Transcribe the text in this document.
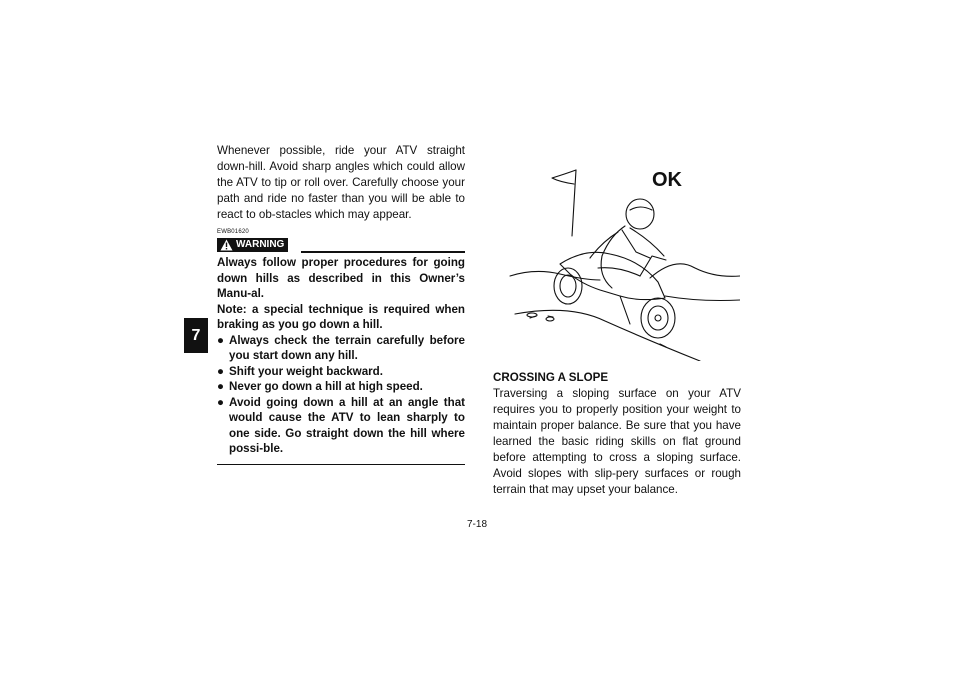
7

Whenever possible, ride your ATV straight down-hill. Avoid sharp angles which could allow the ATV to tip or roll over. Carefully choose your path and ride no faster than you will be able to react to ob-stacles which may appear.

EWB01620
WARNING

Always follow proper procedures for going down hills as described in this Owner’s Manu-al.

Note: a special technique is required when braking as you go down a hill.

● Always check the terrain carefully before you start down any hill.
● Shift your weight backward.
● Never go down a hill at high speed.
● Avoid going down a hill at an angle that would cause the ATV to lean sharply to one side. Go straight down the hill where possi-ble.
OK

CROSSING A SLOPE

Traversing a sloping surface on your ATV requires you to properly position your weight to maintain proper balance. Be sure that you have learned the basic riding skills on flat ground before attempting to cross a sloping surface. Avoid slopes with slip-pery surfaces or rough terrain that may upset your balance.

7-18
